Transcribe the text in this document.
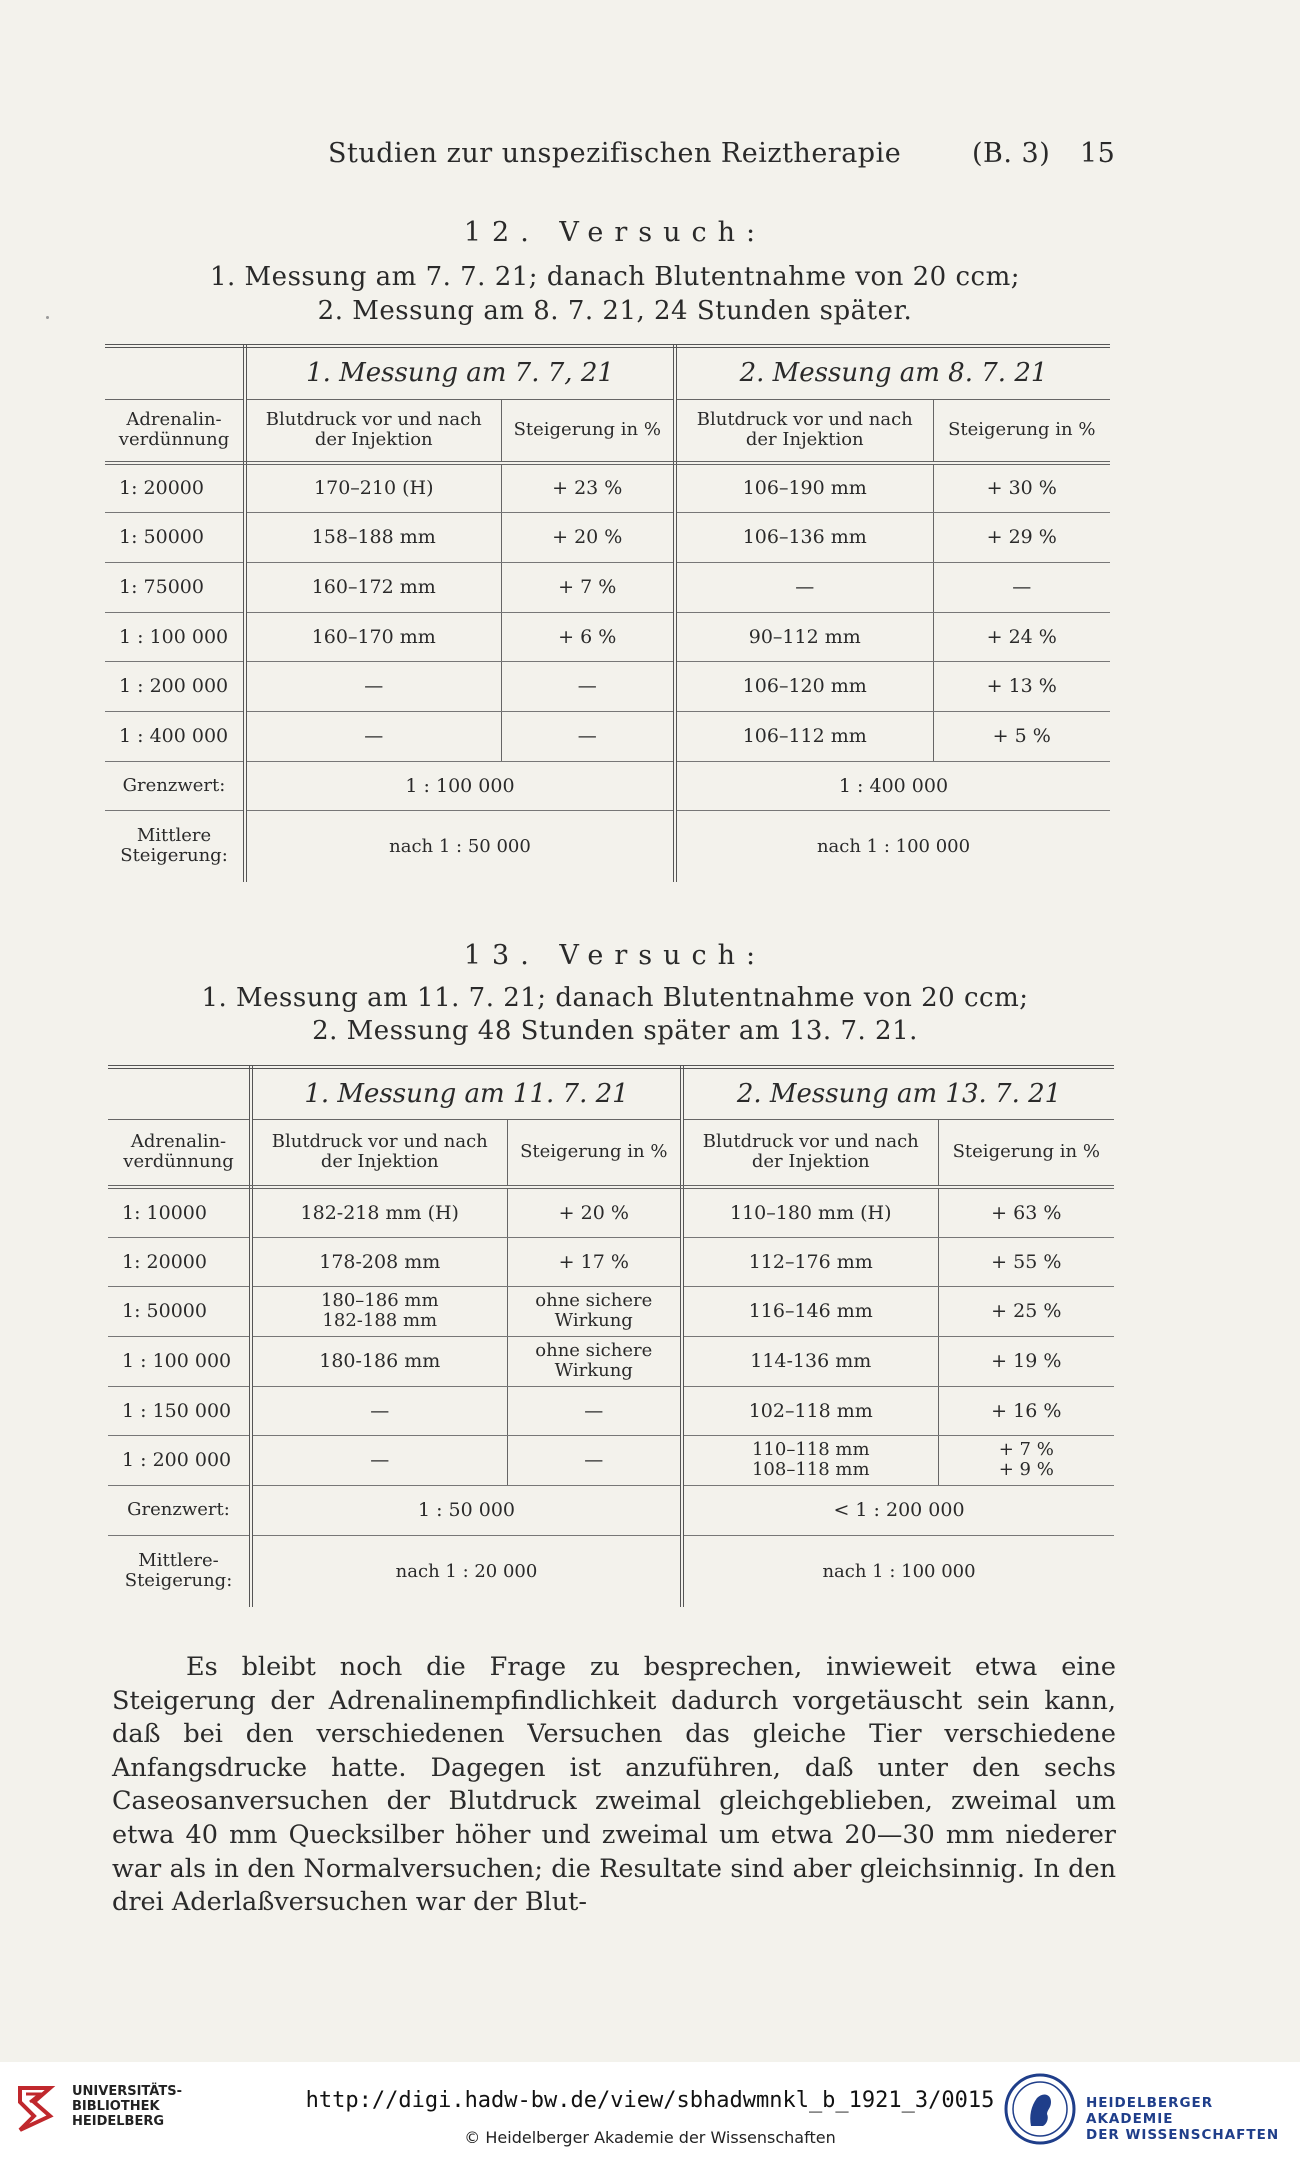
Studien zur unspezifischen Reiztherapie	(B. 3) 15
12. Versuch:
1. Messung am 7. 7. 21; danach Blutentnahme von 20 ccm;
2. Messung am 8. 7. 21, 24 Stunden später.
	1. Messung am 7. 7, 21		2. Messung am 8. 7. 21	
Adrenalin-
verdünnung	Blutdruck vor und nach
der Injektion	Steigerung in %	Blutdruck vor und nach
der Injektion	Steigerung in %
1: 20000	170–210 (H)	+ 23 %	106–190 mm	+ 30 %
1: 50000	158–188 mm	+ 20 %	106–136 mm	+ 29 %
1: 75000	160–172 mm	+ 7 %	—	—
1 : 100 000	160–170 mm	+ 6 %	90–112 mm	+ 24 %
1 : 200 000	—	—	106–120 mm	+ 13 %
1 : 400 000	—	—	106–112 mm	+ 5 %
Grenzwert:	1 : 100 000		1 : 400 000	
Mittlere
Steigerung:	nach 1 : 50 000		nach 1 : 100 000	
13. Versuch:
1. Messung am 11. 7. 21; danach Blutentnahme von 20 ccm;
2. Messung 48 Stunden später am 13. 7. 21.
	1. Messung am 11. 7. 21		2. Messung am 13. 7. 21	
Adrenalin-
verdünnung	Blutdruck vor und nach
der Injektion	Steigerung in %	Blutdruck vor und nach
der Injektion	Steigerung in %
1: 10000	182-218 mm (H)	+ 20 %	110–180 mm (H)	+ 63 %
1: 20000	178-208 mm	+ 17 %	112–176 mm	+ 55 %
1: 50000	180–186 mm
182-188 mm	ohne sichere
Wirkung	116–146 mm	+ 25 %
1 : 100 000	180-186 mm	ohne sichere
Wirkung	114-136 mm	+ 19 %
1 : 150 000	—	—	102–118 mm	+ 16 %
1 : 200 000	—	—	110–118 mm
108–118 mm	+ 7 %
+ 9 %
Grenzwert:	1 : 50 000		< 1 : 200 000	
Mittlere-
Steigerung:	nach 1 : 20 000		nach 1 : 100 000	

Es bleibt noch die Frage zu besprechen, inwieweit etwa eine Steigerung der Adrenalinempfindlichkeit dadurch vorgetäuscht sein kann, daß bei den verschiedenen Versuchen das gleiche Tier verschiedene Anfangsdrucke hatte. Dagegen ist anzuführen, daß unter den sechs Caseosanversuchen der Blutdruck zweimal gleichgeblieben, zweimal um etwa 40 mm Quecksilber höher und zweimal um etwa 20—30 mm niederer war als in den Normalversuchen; die Resultate sind aber gleichsinnig. In den drei Aderlaßversuchen war der Blut-

UNIVERSITÄTS-
BIBLIOTHEK
HEIDELBERG
http://digi.hadw-bw.de/view/sbhadwmnkl_b_1921_3/0015
© Heidelberger Akademie der Wissenschaften
HEIDELBERGER AKADEMIE
DER WISSENSCHAFTEN
